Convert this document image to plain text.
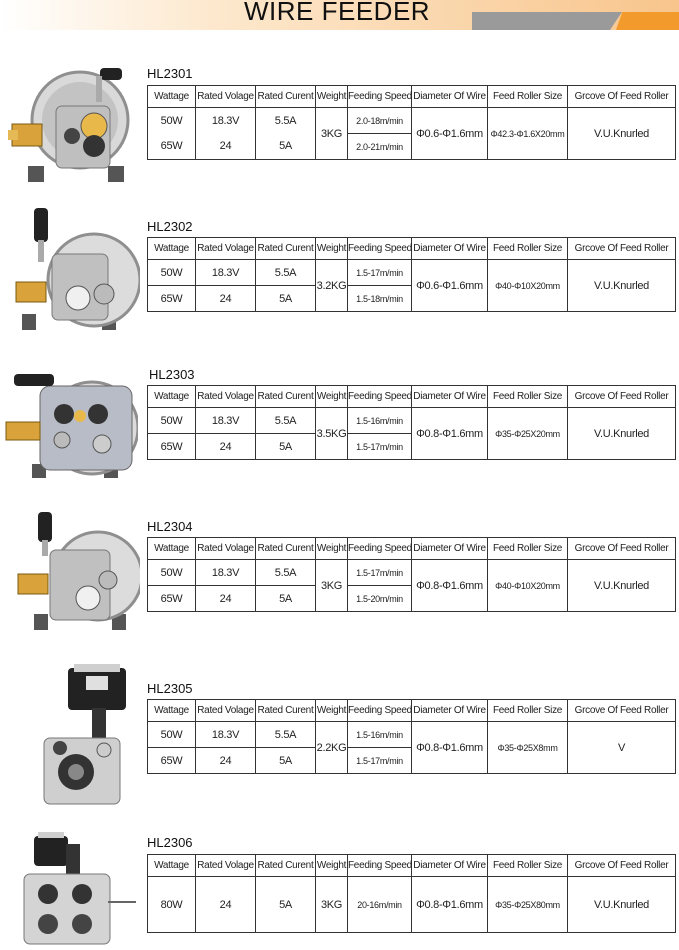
WIRE FEEDER
HL2301
Wattage	Rated Volage	Rated Curent	Weight	Feeding Speed	Diameter Of Wire	Feed Roller Size	Grcove Of Feed Roller
50W	18.3V	5.5A	3KG	2.0-18m/min	Φ0.6-Φ1.6mm	Φ42.3-Φ1.6X20mm	V.U.Knurled
65W	24	5A		2.0-21m/min			
HL2302
Wattage	Rated Volage	Rated Curent	Weight	Feeding Speed	Diameter Of Wire	Feed Roller Size	Grcove Of Feed Roller
50W	18.3V	5.5A	3.2KG	1.5-17m/min	Φ0.6-Φ1.6mm	Φ40-Φ10X20mm	V.U.Knurled
65W	24	5A		1.5-18m/min			
HL2303
Wattage	Rated Volage	Rated Curent	Weight	Feeding Speed	Diameter Of Wire	Feed Roller Size	Grcove Of Feed Roller
50W	18.3V	5.5A	3.5KG	1.5-16m/min	Φ0.8-Φ1.6mm	Φ35-Φ25X20mm	V.U.Knurled
65W	24	5A		1.5-17m/min			
HL2304
Wattage	Rated Volage	Rated Curent	Weight	Feeding Speed	Diameter Of Wire	Feed Roller Size	Grcove Of Feed Roller
50W	18.3V	5.5A	3KG	1.5-17m/min	Φ0.8-Φ1.6mm	Φ40-Φ10X20mm	V.U.Knurled
65W	24	5A		1.5-20m/min			
HL2305
Wattage	Rated Volage	Rated Curent	Weight	Feeding Speed	Diameter Of Wire	Feed Roller Size	Grcove Of Feed Roller
50W	18.3V	5.5A	2.2KG	1.5-16m/min	Φ0.8-Φ1.6mm	Φ35-Φ25X8mm	V
65W	24	5A		1.5-17m/min			
HL2306
Wattage	Rated Volage	Rated Curent	Weight	Feeding Speed	Diameter Of Wire	Feed Roller Size	Grcove Of Feed Roller
80W	24	5A	3KG	20-16m/min	Φ0.8-Φ1.6mm	Φ35-Φ25X80mm	V.U.Knurled
